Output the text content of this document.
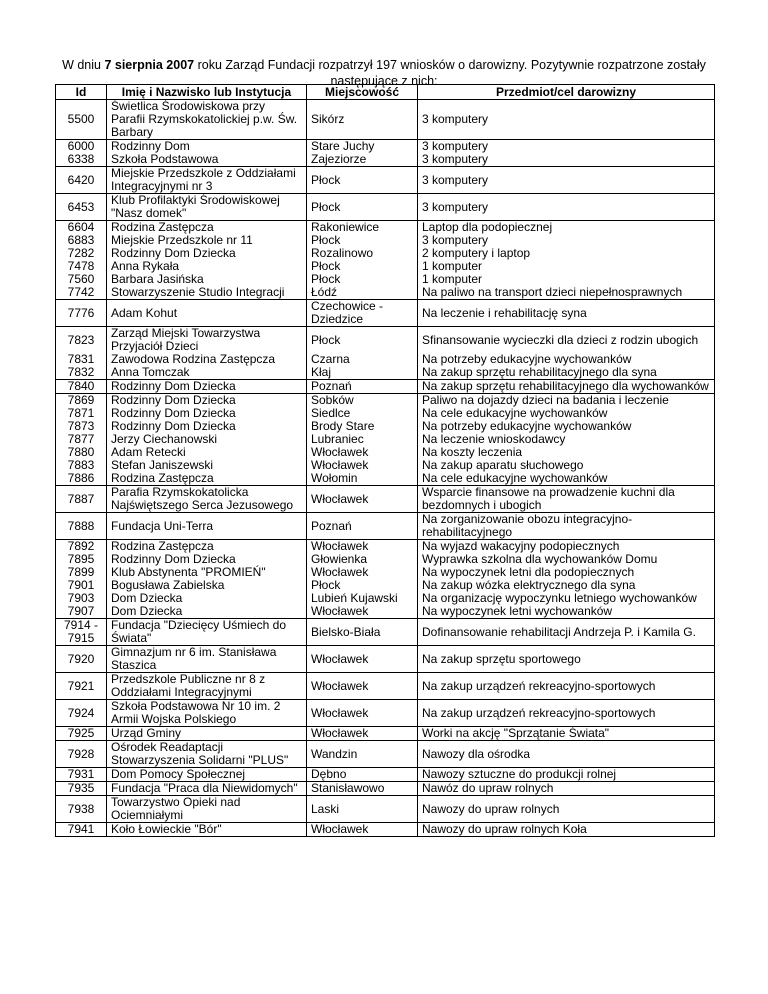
W dniu 7 sierpnia 2007 roku Zarząd Fundacji rozpatrzył 197 wniosków o darowizny. Pozytywnie rozpatrzone zostały następujące z nich:

Id	Imię i Nazwisko lub Instytucja	Miejscowość	Przedmiot/cel darowizny
5500	Świetlica Środowiskowa przy Parafii Rzymskokatolickiej p.w. Św. Barbary	Sikórz	3 komputery
6000	Rodzinny Dom	Stare Juchy	3 komputery
6338	Szkoła Podstawowa	Zajeziorze	3 komputery
6420	Miejskie Przedszkole z Oddziałami Integracyjnymi nr 3	Płock	3 komputery
6453	Klub Profilaktyki Środowiskowej "Nasz domek"	Płock	3 komputery
6604	Rodzina Zastępcza	Rakoniewice	Laptop dla podopiecznej
6883	Miejskie Przedszkole nr 11	Płock	3 komputery
7282	Rodzinny Dom Dziecka	Rozalinowo	2 komputery i laptop
7478	Anna Rykała	Płock	1 komputer
7560	Barbara Jasińska	Płock	1 komputer
7742	Stowarzyszenie Studio Integracji	Łódź	Na paliwo na transport dzieci niepełnosprawnych
7776	Adam Kohut	Czechowice - Dziedzice	Na leczenie i rehabilitację syna
7823	Zarząd Miejski Towarzystwa Przyjaciół Dzieci	Płock	Sfinansowanie wycieczki dla dzieci z rodzin ubogich
7831	Zawodowa Rodzina Zastępcza	Czarna	Na potrzeby edukacyjne wychowanków
7832	Anna Tomczak	Kłaj	Na zakup sprzętu rehabilitacyjnego dla syna
7840	Rodzinny Dom Dziecka	Poznań	Na zakup sprzętu rehabilitacyjnego dla wychowanków
7869	Rodzinny Dom Dziecka	Sobków	Paliwo na dojazdy dzieci na badania i leczenie
7871	Rodzinny Dom Dziecka	Siedlce	Na cele edukacyjne wychowanków
7873	Rodzinny Dom Dziecka	Brody Stare	Na potrzeby edukacyjne wychowanków
7877	Jerzy Ciechanowski	Lubraniec	Na leczenie wnioskodawcy
7880	Adam Retecki	Włocławek	Na koszty leczenia
7883	Stefan Janiszewski	Włocławek	Na zakup aparatu słuchowego
7886	Rodzina Zastępcza	Wołomin	Na cele edukacyjne wychowanków
7887	Parafia Rzymskokatolicka Najświętszego Serca Jezusowego	Włocławek	Wsparcie finansowe na prowadzenie kuchni dla bezdomnych i ubogich
7888	Fundacja Uni-Terra	Poznań	Na zorganizowanie obozu integracyjno-rehabilitacyjnego
7892	Rodzina Zastępcza	Włocławek	Na wyjazd wakacyjny podopiecznych
7895	Rodzinny Dom Dziecka	Głowienka	Wyprawka szkolna dla wychowanków Domu
7899	Klub Abstynenta "PROMIEŃ"	Włocławek	Na wypoczynek letni dla podopiecznych
7901	Bogusława Zabielska	Płock	Na zakup wózka elektrycznego dla syna
7903	Dom Dziecka	Lubień Kujawski	Na organizację wypoczynku letniego wychowanków
7907	Dom Dziecka	Włocławek	Na wypoczynek letni wychowanków
7914 - 7915	Fundacja "Dziecięcy Uśmiech do Świata"	Bielsko-Biała	Dofinansowanie rehabilitacji Andrzeja P. i Kamila G.
7920	Gimnazjum nr 6 im. Stanisława Staszica	Włocławek	Na zakup sprzętu sportowego
7921	Przedszkole Publiczne nr 8 z Oddziałami Integracyjnymi	Włocławek	Na zakup urządzeń rekreacyjno-sportowych
7924	Szkoła Podstawowa Nr 10 im. 2 Armii Wojska Polskiego	Włocławek	Na zakup urządzeń rekreacyjno-sportowych
7925	Urząd Gminy	Włocławek	Worki na akcję "Sprzątanie Świata"
7928	Ośrodek Readaptacji Stowarzyszenia Solidarni "PLUS"	Wandzin	Nawozy dla ośrodka
7931	Dom Pomocy Społecznej	Dębno	Nawozy sztuczne do produkcji rolnej
7935	Fundacja "Praca dla Niewidomych"	Stanisławowo	Nawóz do upraw rolnych
7938	Towarzystwo Opieki nad Ociemniałymi	Laski	Nawozy do upraw rolnych
7941	Koło Łowieckie "Bór"	Włocławek	Nawozy do upraw rolnych Koła
